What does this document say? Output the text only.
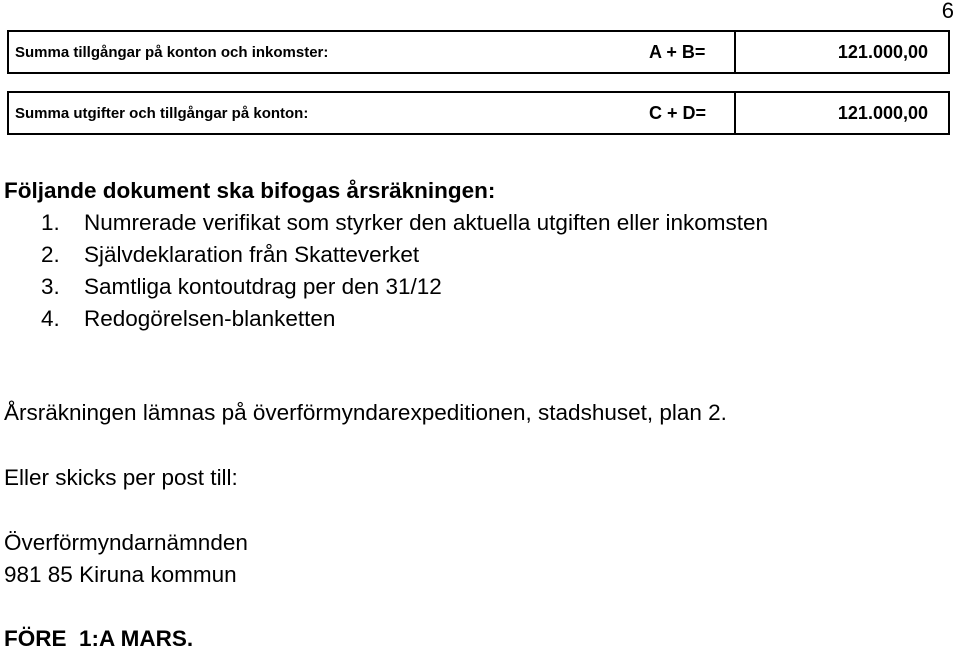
6
Summa tillgångar på konton och inkomster:	A + B=	121.000,00
Summa utgifter och tillgångar på konton:	C + D=	121.000,00
Följande dokument ska bifogas årsräkningen:
1. Numrerade verifikat som styrker den aktuella utgiften eller inkomsten
2. Självdeklaration från Skatteverket
3. Samtliga kontoutdrag per den 31/12
4. Redogörelsen-blanketten
Årsräkningen lämnas på överförmyndarexpeditionen, stadshuset, plan 2.
Eller skicks per post till:
Överförmyndarnämnden
981 85 Kiruna kommun
FÖRE  1:A MARS.
